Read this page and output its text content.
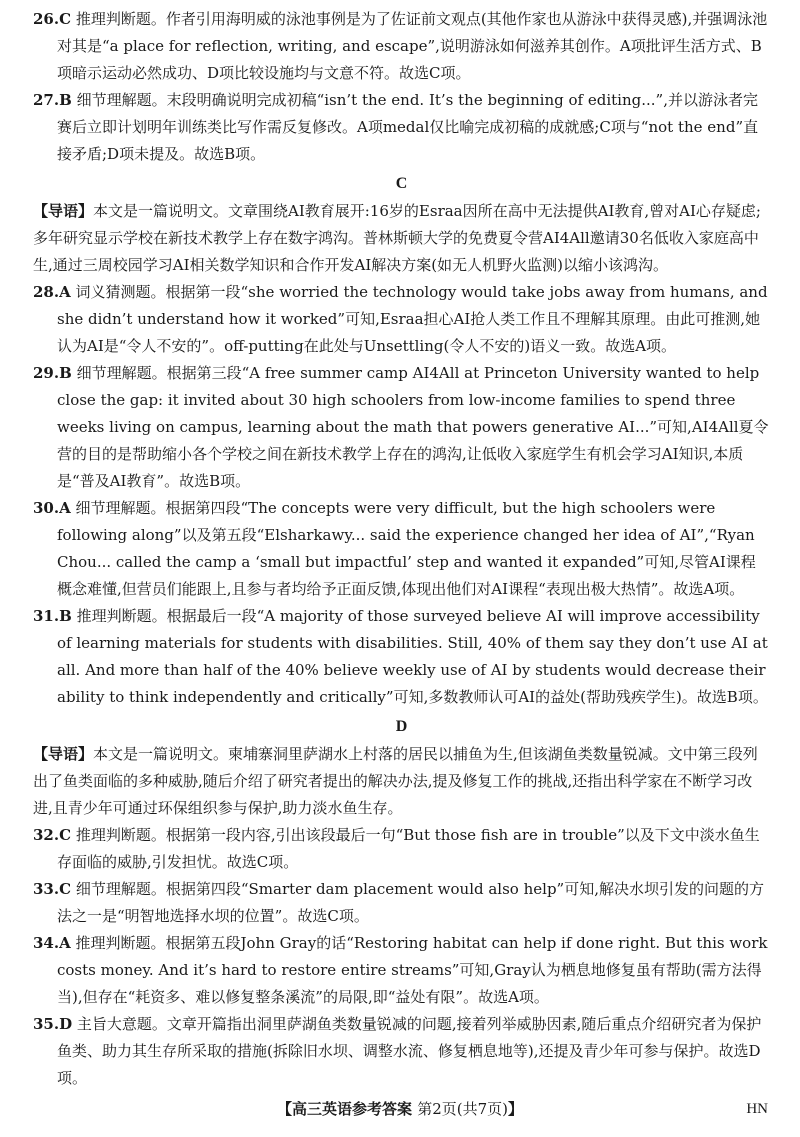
26.C 推理判断题。作者引用海明威的泳池事例是为了佐证前文观点(其他作家也从游泳中获得灵感),并强调泳池对其是“a place for reflection, writing, and escape”,说明游泳如何滋养其创作。A项批评生活方式、B项暗示运动必然成功、D项比较设施均与文意不符。故选C项。

27.B 细节理解题。末段明确说明完成初稿“isn’t the end. It’s the beginning of editing...”,并以游泳者完赛后立即计划明年训练类比写作需反复修改。A项medal仅比喻完成初稿的成就感;C项与“not the end”直接矛盾;D项未提及。故选B项。

C

【导语】本文是一篇说明文。文章围绕AI教育展开:16岁的Esraa因所在高中无法提供AI教育,曾对AI心存疑虑;多年研究显示学校在新技术教学上存在数字鸿沟。普林斯顿大学的免费夏令营AI4All邀请30名低收入家庭高中生,通过三周校园学习AI相关数学知识和合作开发AI解决方案(如无人机野火监测)以缩小该鸿沟。

28.A 词义猜测题。根据第一段“she worried the technology would take jobs away from humans, and she didn’t understand how it worked”可知,Esraa担心AI抢人类工作且不理解其原理。由此可推测,她认为AI是“令人不安的”。off-putting在此处与Unsettling(令人不安的)语义一致。故选A项。

29.B 细节理解题。根据第三段“A free summer camp AI4All at Princeton University wanted to help close the gap: it invited about 30 high schoolers from low-income families to spend three weeks living on campus, learning about the math that powers generative AI...”可知,AI4All夏令营的目的是帮助缩小各个学校之间在新技术教学上存在的鸿沟,让低收入家庭学生有机会学习AI知识,本质是“普及AI教育”。故选B项。

30.A 细节理解题。根据第四段“The concepts were very difficult, but the high schoolers were following along”以及第五段“Elsharkawy... said the experience changed her idea of AI”,“Ryan Chou... called the camp a ‘small but impactful’ step and wanted it expanded”可知,尽管AI课程概念难懂,但营员们能跟上,且参与者均给予正面反馈,体现出他们对AI课程“表现出极大热情”。故选A项。

31.B 推理判断题。根据最后一段“A majority of those surveyed believe AI will improve accessibility of learning materials for students with disabilities. Still, 40% of them say they don’t use AI at all. And more than half of the 40% believe weekly use of AI by students would decrease their ability to think independently and critically”可知,多数教师认可AI的益处(帮助残疾学生)。故选B项。

D

【导语】本文是一篇说明文。柬埔寨洞里萨湖水上村落的居民以捕鱼为生,但该湖鱼类数量锐减。文中第三段列出了鱼类面临的多种威胁,随后介绍了研究者提出的解决办法,提及修复工作的挑战,还指出科学家在不断学习改进,且青少年可通过环保组织参与保护,助力淡水鱼生存。

32.C 推理判断题。根据第一段内容,引出该段最后一句“But those fish are in trouble”以及下文中淡水鱼生存面临的威胁,引发担忧。故选C项。

33.C 细节理解题。根据第四段“Smarter dam placement would also help”可知,解决水坝引发的问题的方法之一是“明智地选择水坝的位置”。故选C项。

34.A 推理判断题。根据第五段John Gray的话“Restoring habitat can help if done right. But this work costs money. And it’s hard to restore entire streams”可知,Gray认为栖息地修复虽有帮助(需方法得当),但存在“耗资多、难以修复整条溪流”的局限,即“益处有限”。故选A项。

35.D 主旨大意题。文章开篇指出洞里萨湖鱼类数量锐减的问题,接着列举威胁因素,随后重点介绍研究者为保护鱼类、助力其生存所采取的措施(拆除旧水坝、调整水流、修复栖息地等),还提及青少年可参与保护。故选D项。

【高三英语参考答案 第2页(共7页)】	HN
